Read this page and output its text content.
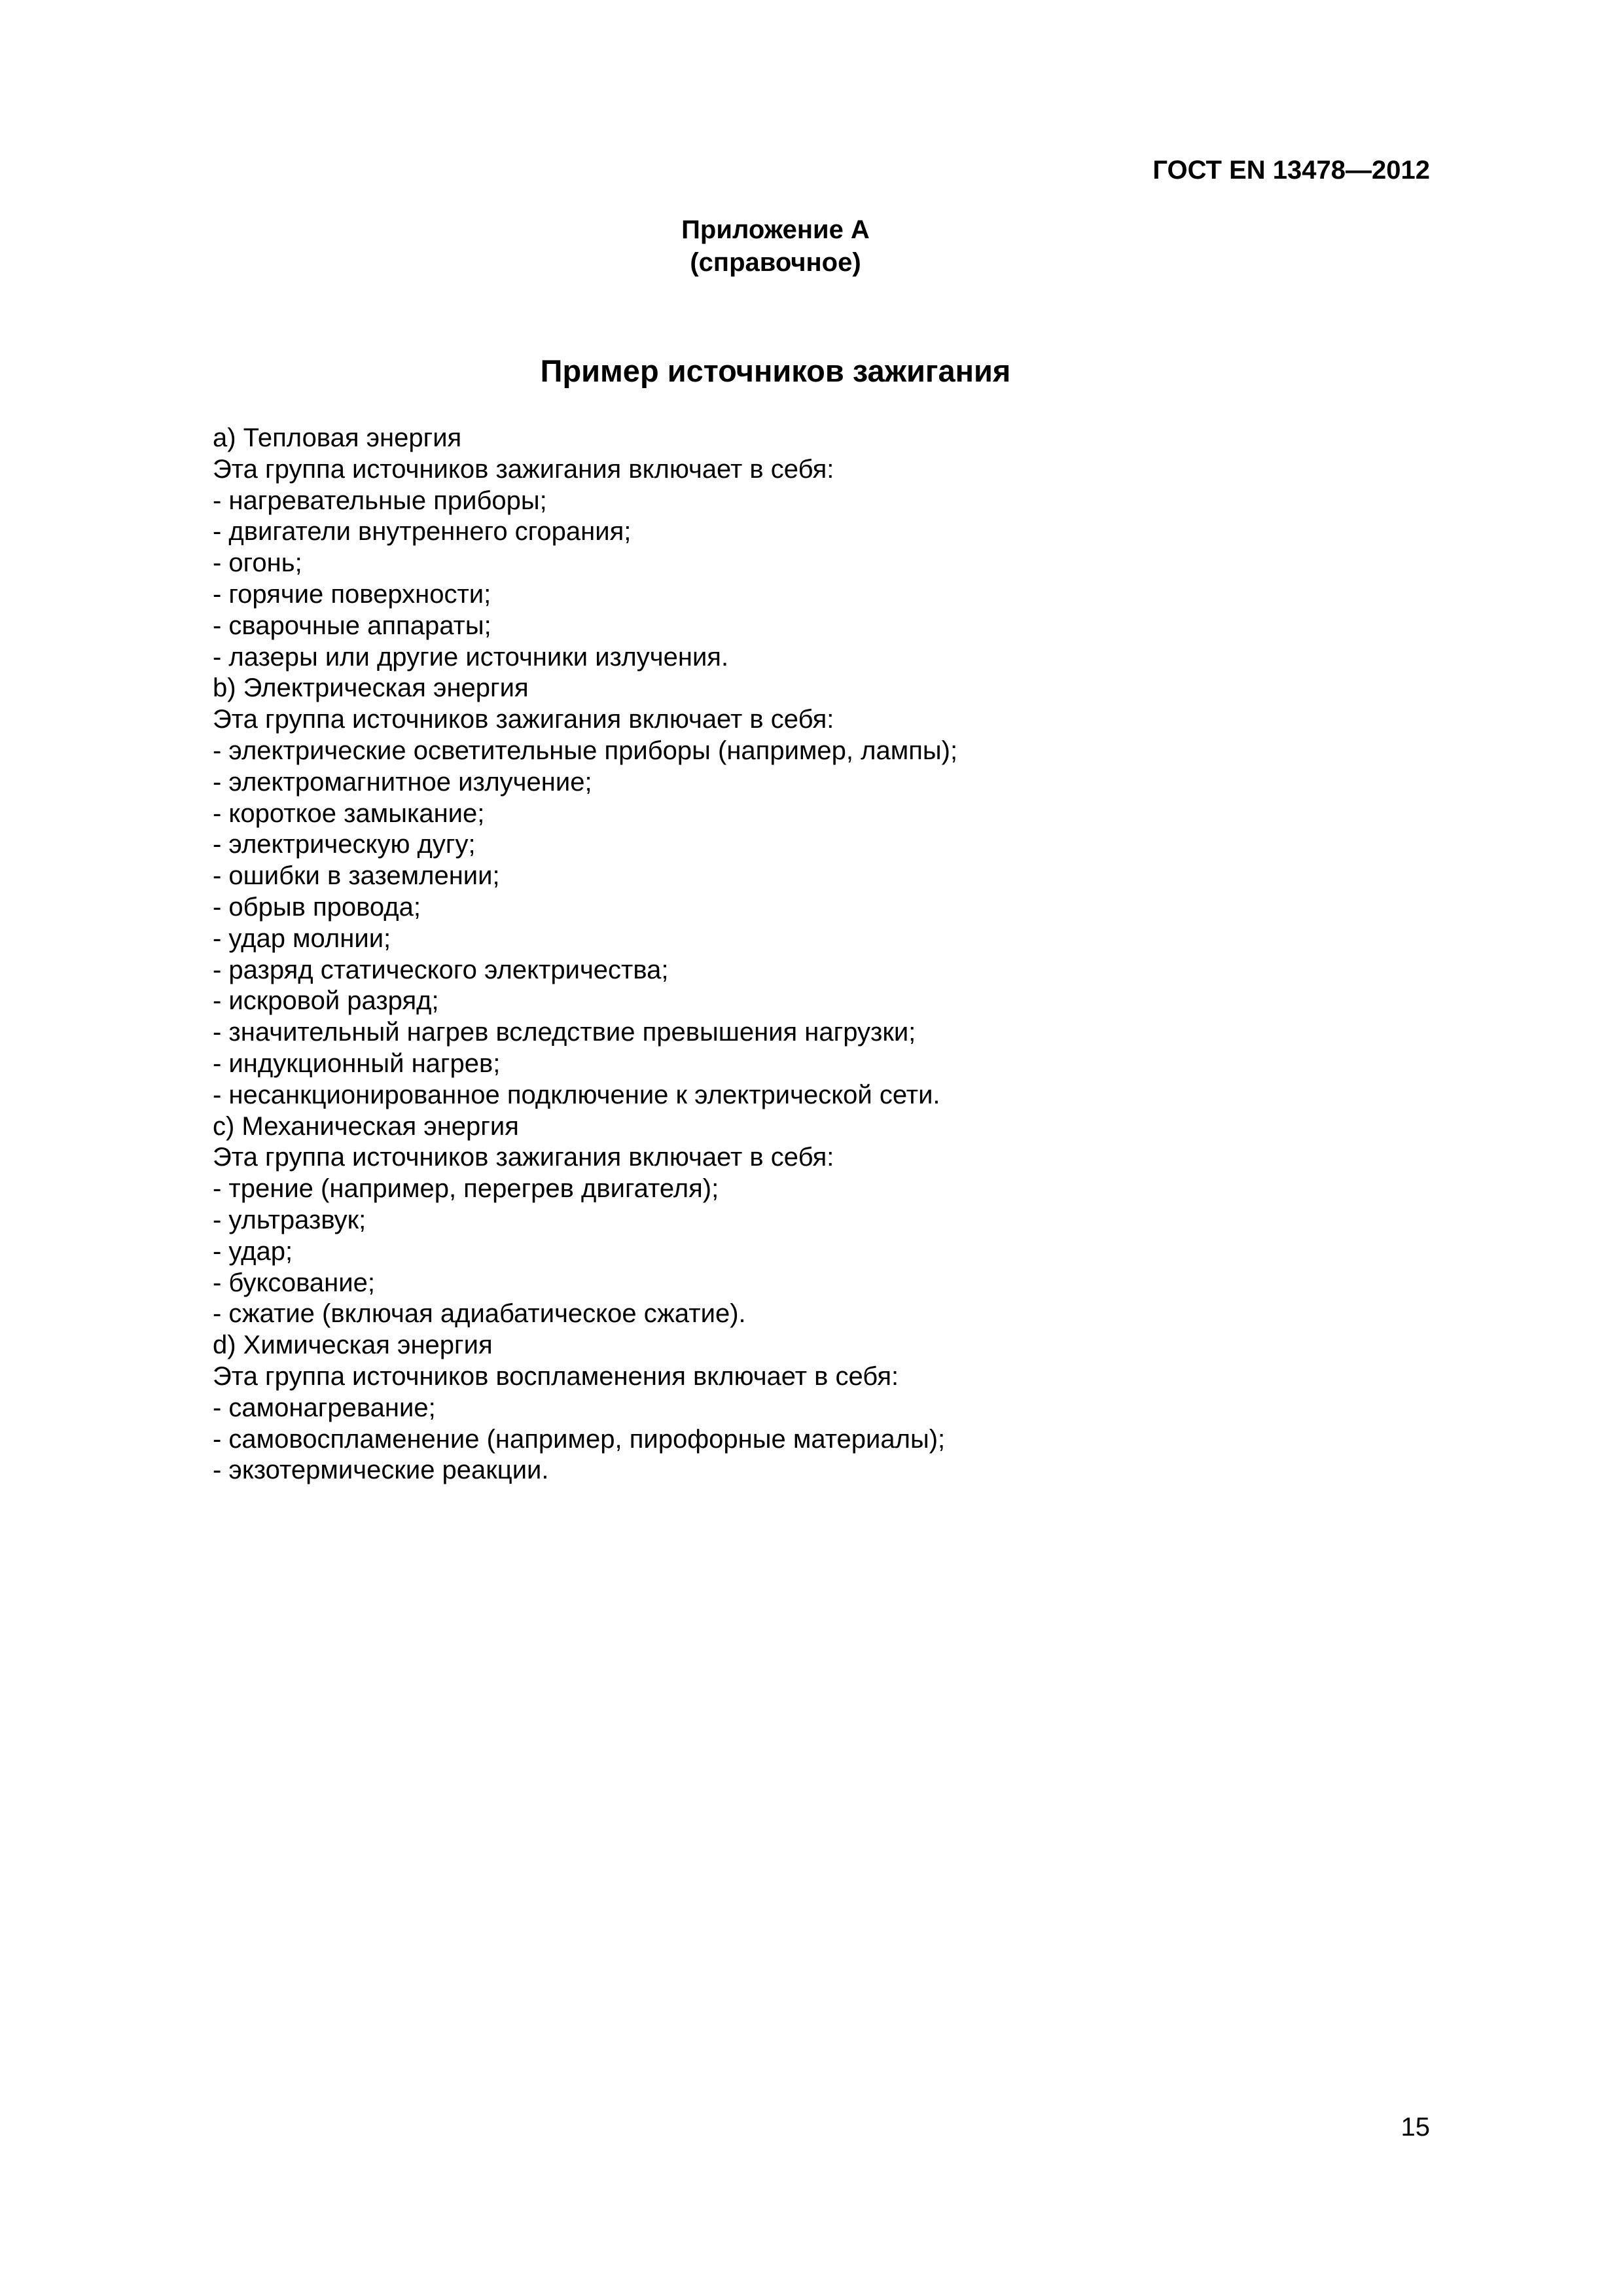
ГОСТ EN 13478—2012
Приложение A
(справочное)
Пример источников зажигания

а) Тепловая энергия

Эта группа источников зажигания включает в себя:

- нагревательные приборы;

- двигатели внутреннего сгорания;

- огонь;

- горячие поверхности;

- сварочные аппараты;

- лазеры или другие источники излучения.

b) Электрическая энергия

Эта группа источников зажигания включает в себя:

- электрические осветительные приборы (например, лампы);

- электромагнитное излучение;

- короткое замыкание;

- электрическую дугу;

- ошибки в заземлении;

- обрыв провода;

- удар молнии;

- разряд статического электричества;

- искровой разряд;

- значительный нагрев вследствие превышения нагрузки;

- индукционный нагрев;

- несанкционированное подключение к электрической сети.

с) Механическая энергия

Эта группа источников зажигания включает в себя:

- трение (например, перегрев двигателя);

- ультразвук;

- удар;

- буксование;

- сжатие (включая адиабатическое сжатие).

d) Химическая энергия

Эта группа источников воспламенения включает в себя:

- самонагревание;

- самовоспламенение (например, пирофорные материалы);

- экзотермические реакции.

15
